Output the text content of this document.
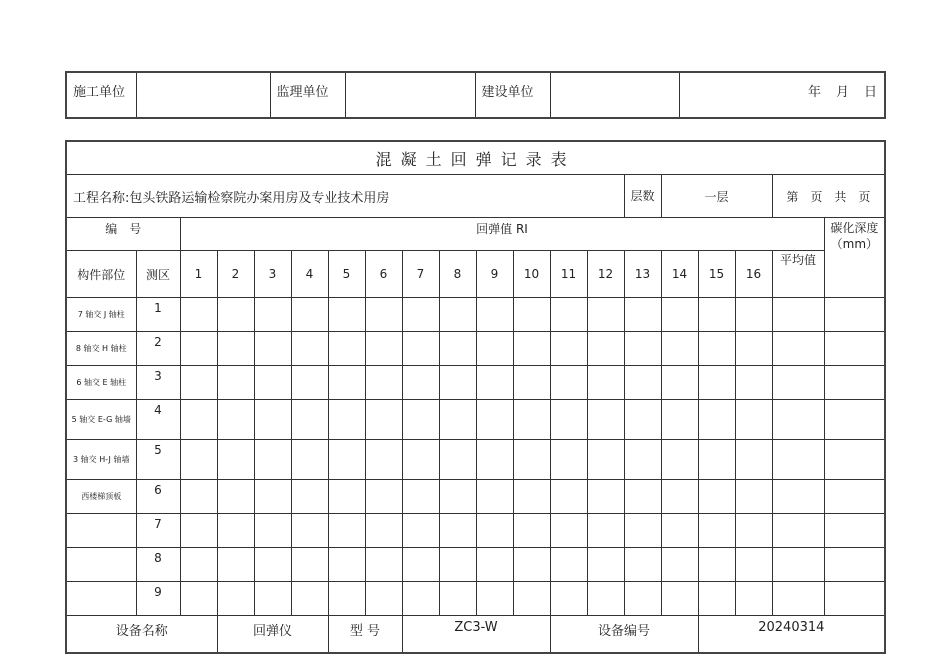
施工单位		监理单位		建设单位		年　月　日
混凝土回弹记录表																			
工程名称:包头铁路运输检察院办案用房及专业技术用房														层数	一层			第　页　共　页	
编　号		回弹值 RI																	碳化深度（mm）
构件部位	测区	1	2	3	4	5	6	7	8	9	10	11	12	13	14	15	16	平均值	
7 轴交 J 轴柱	1																		
8 轴交 H 轴柱	2																		
6 轴交 E 轴柱	3																		
5 轴交 E-G 轴墙	4																		
3 轴交 H-J 轴墙	5																		
西楼梯顶板	6																		
	7																		
	8																		
	9																		
设备名称			回弹仪			型 号		ZC3-W				设备编号				20240314			
